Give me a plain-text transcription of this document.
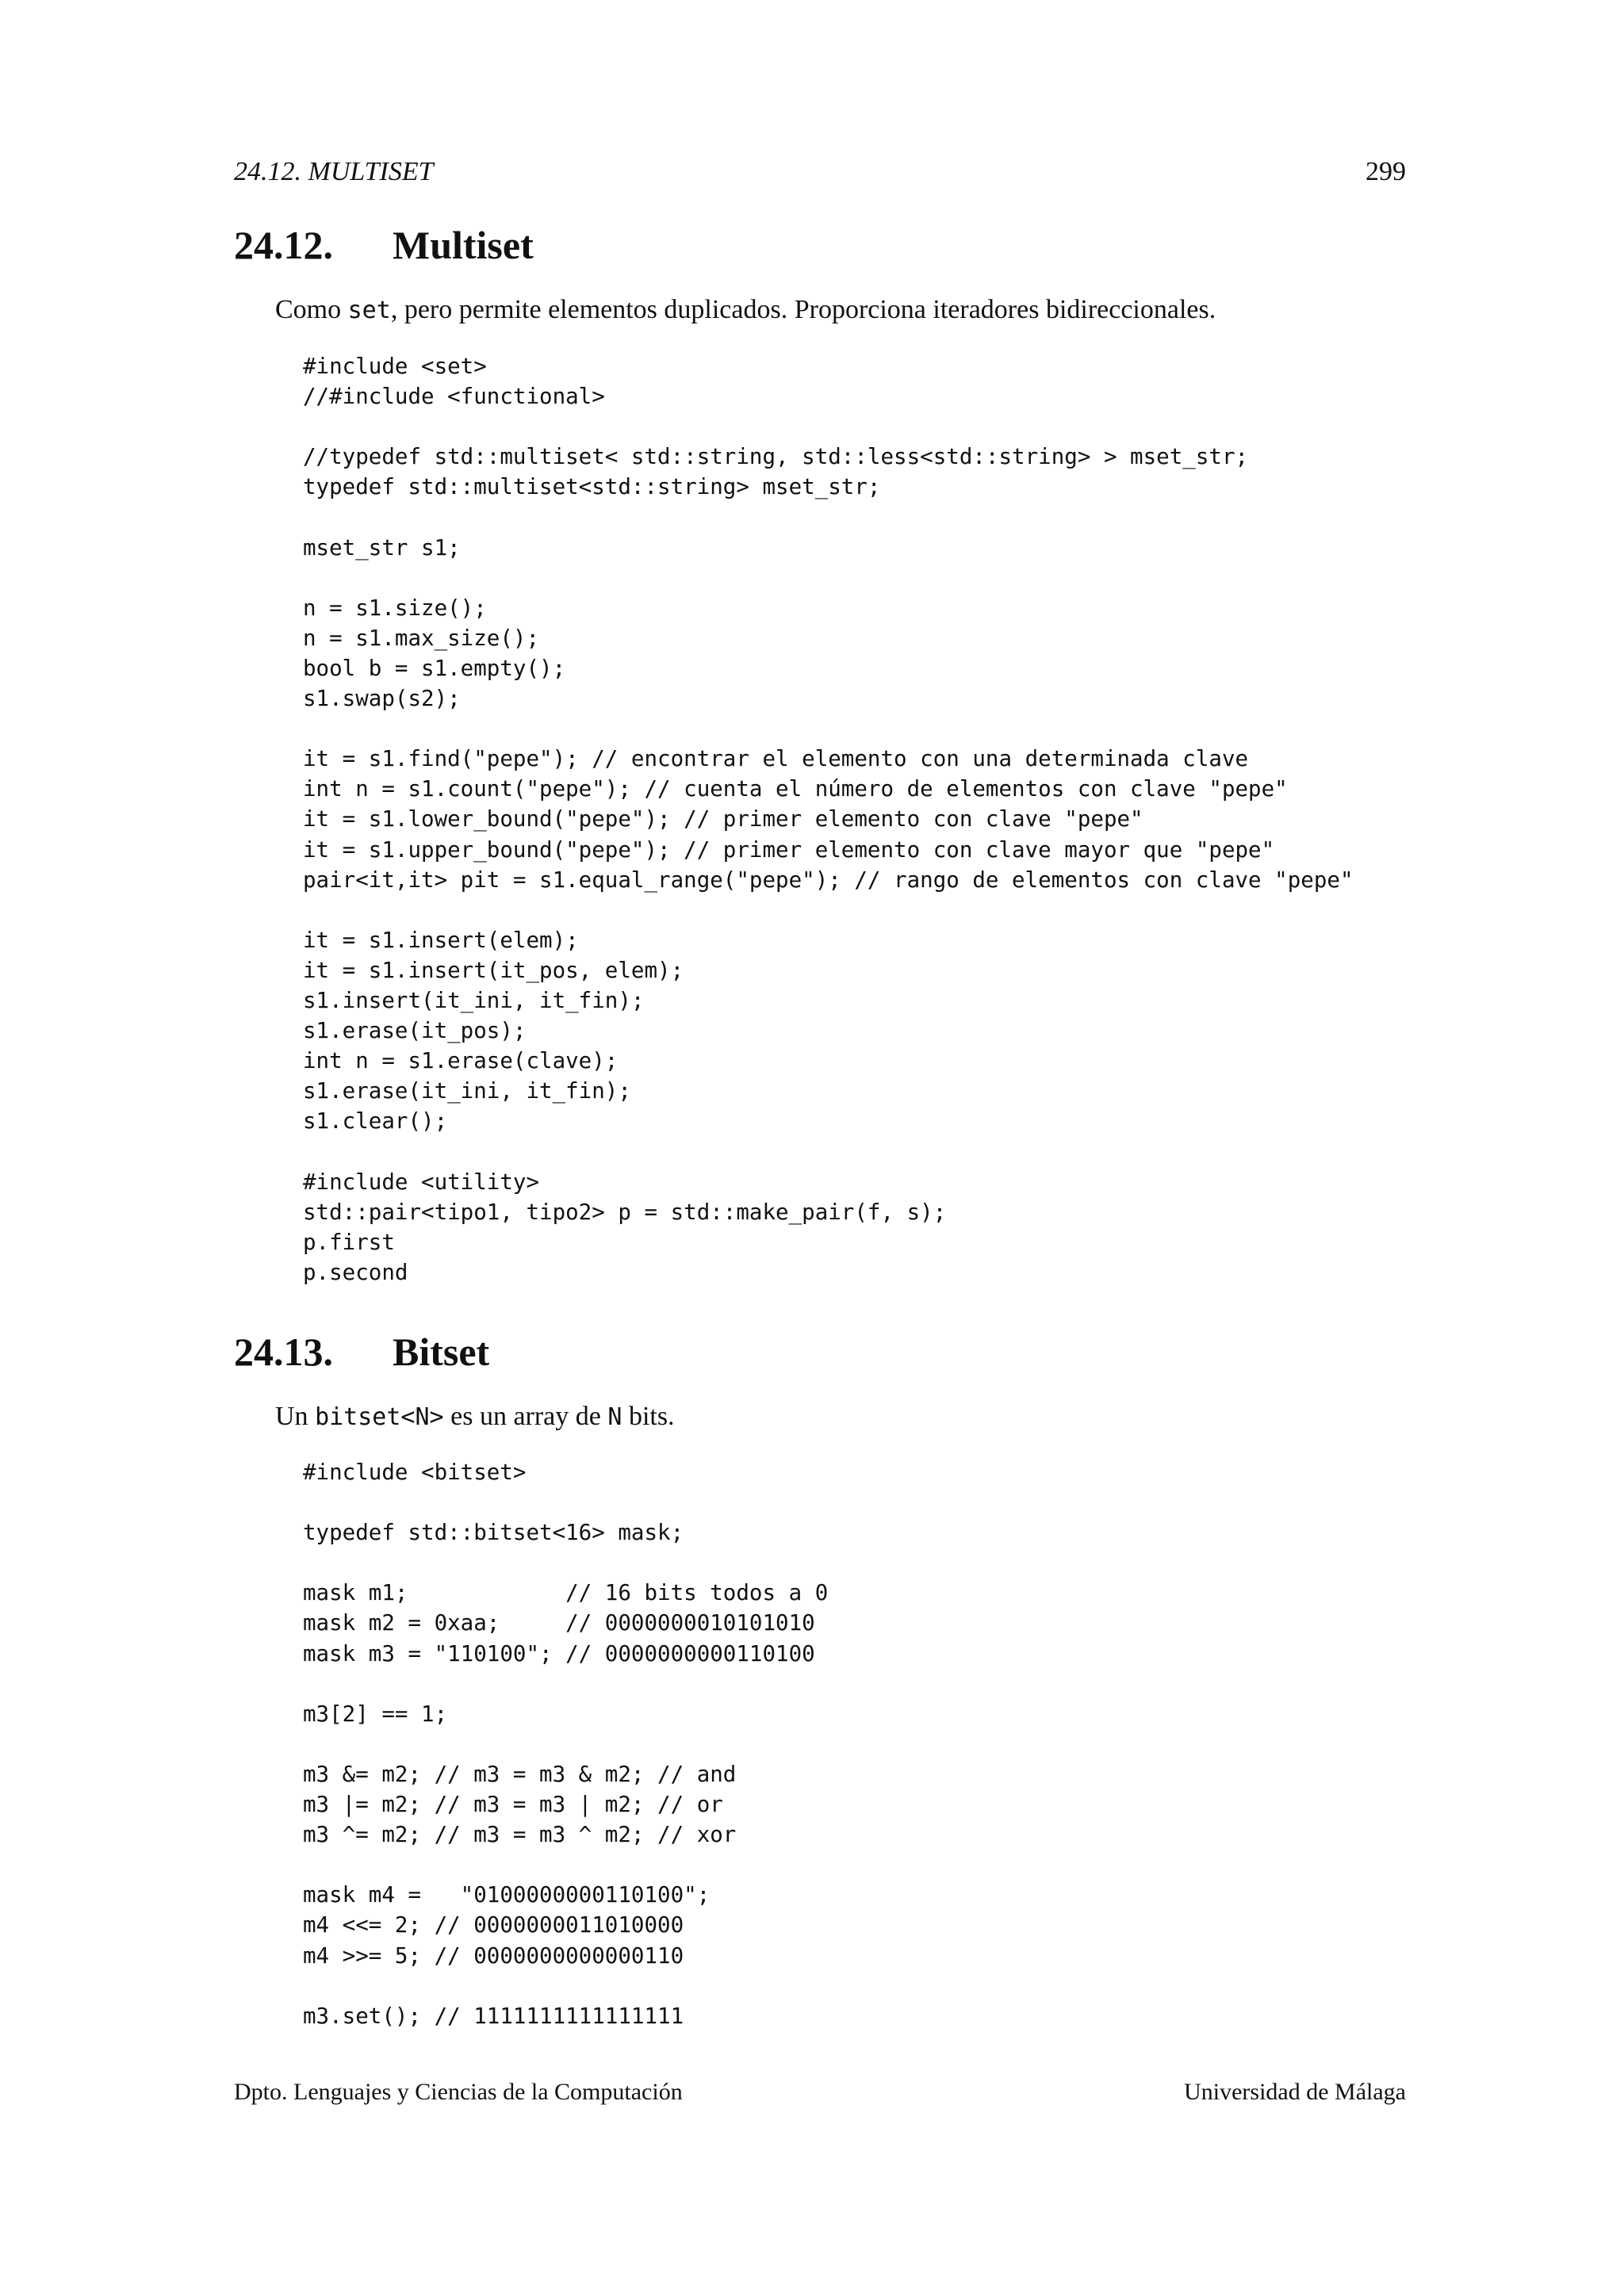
24.12. MULTISET	299
24.12. Multiset
Como set, pero permite elementos duplicados. Proporciona iteradores bidireccionales.
#include <set>
//#include <functional>

//typedef std::multiset< std::string, std::less<std::string> > mset_str;
typedef std::multiset<std::string> mset_str;

mset_str s1;

n = s1.size();
n = s1.max_size();
bool b = s1.empty();
s1.swap(s2);

it = s1.find("pepe"); // encontrar el elemento con una determinada clave
int n = s1.count("pepe"); // cuenta el número de elementos con clave "pepe"
it = s1.lower_bound("pepe"); // primer elemento con clave "pepe"
it = s1.upper_bound("pepe"); // primer elemento con clave mayor que "pepe"
pair<it,it> pit = s1.equal_range("pepe"); // rango de elementos con clave "pepe"

it = s1.insert(elem);
it = s1.insert(it_pos, elem);
s1.insert(it_ini, it_fin);
s1.erase(it_pos);
int n = s1.erase(clave);
s1.erase(it_ini, it_fin);
s1.clear();

#include <utility>
std::pair<tipo1, tipo2> p = std::make_pair(f, s);
p.first
p.second
24.13. Bitset
Un bitset<N> es un array de N bits.
#include <bitset>

typedef std::bitset<16> mask;

mask m1;            // 16 bits todos a 0
mask m2 = 0xaa;     // 0000000010101010
mask m3 = "110100"; // 0000000000110100

m3[2] == 1;

m3 &= m2; // m3 = m3 & m2; // and
m3 |= m2; // m3 = m3 | m2; // or
m3 ^= m2; // m3 = m3 ^ m2; // xor

mask m4 =   "0100000000110100";
m4 <<= 2; // 0000000011010000
m4 >>= 5; // 0000000000000110

m3.set(); // 1111111111111111
Dpto. Lenguajes y Ciencias de la Computación	Universidad de Málaga
